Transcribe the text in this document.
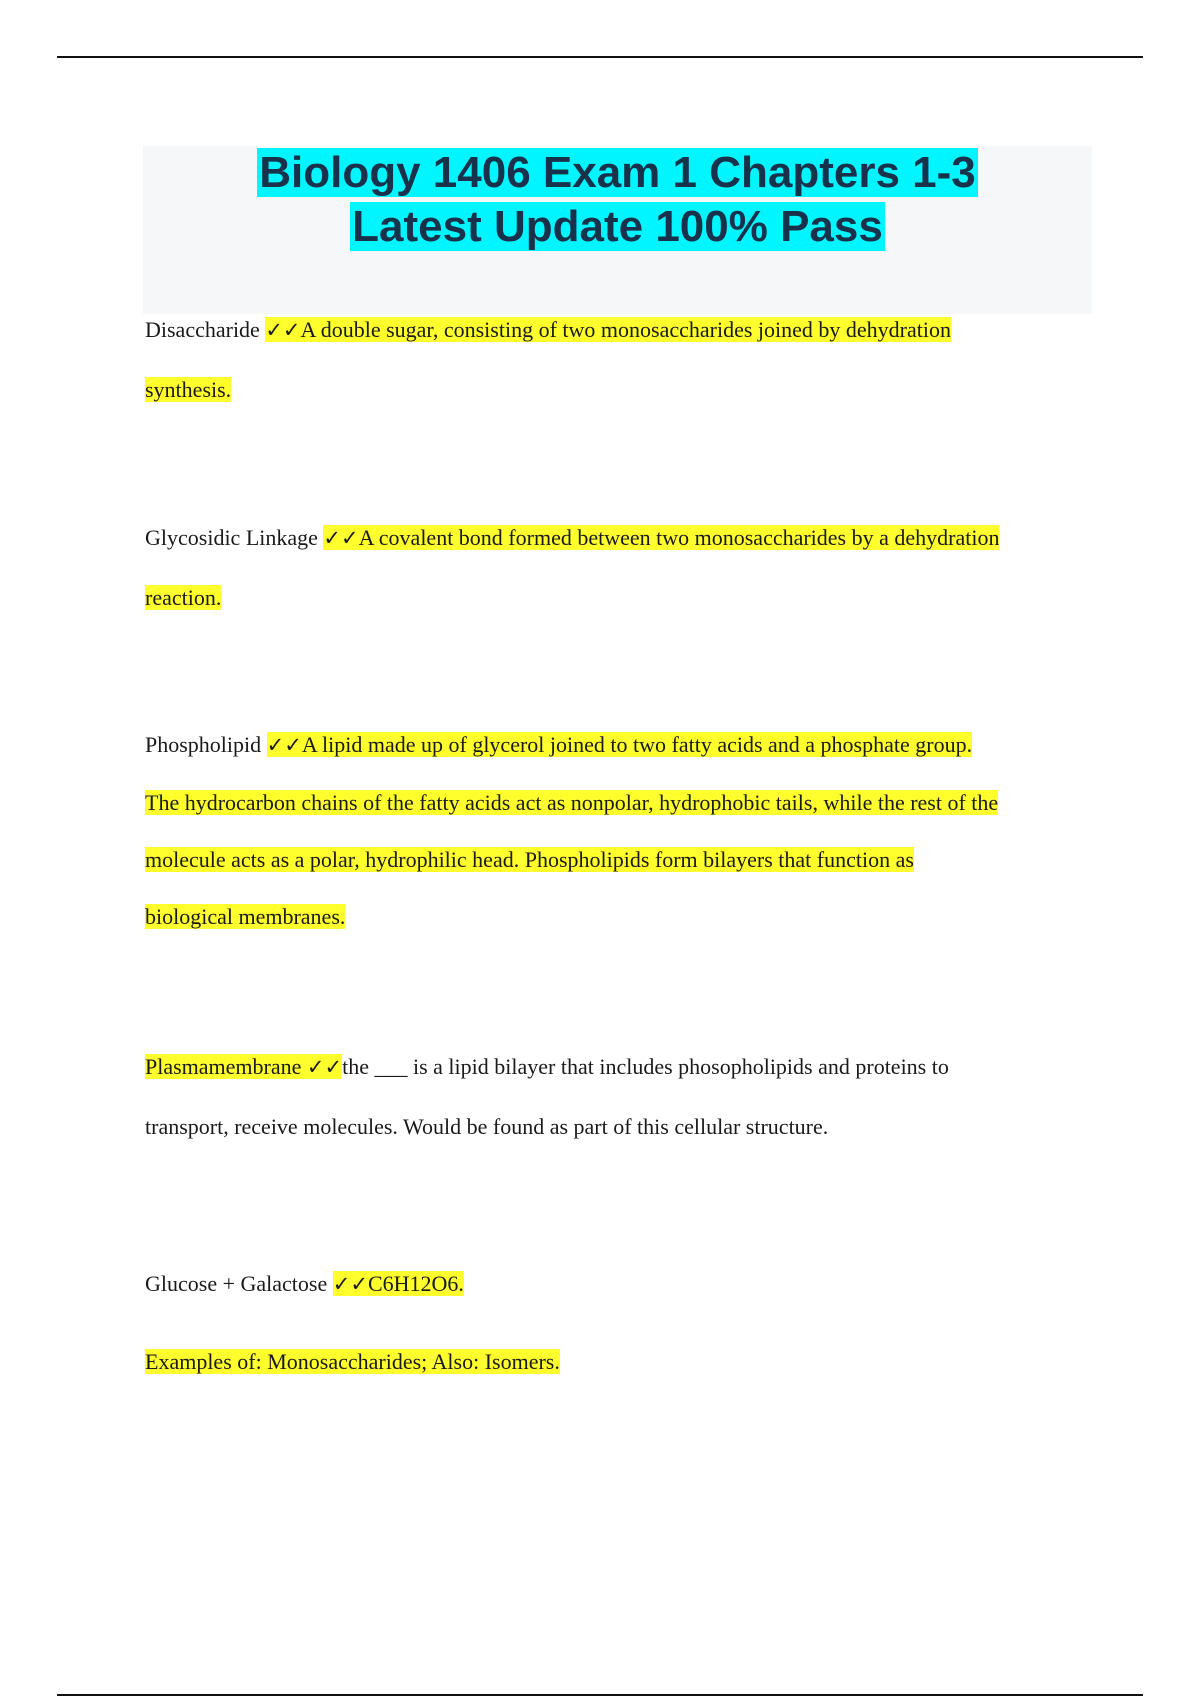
Biology 1406 Exam 1 Chapters 1-3
Latest Update 100% Pass
Disaccharide ✓✓A double sugar, consisting of two monosaccharides joined by dehydration
synthesis.
Glycosidic Linkage ✓✓A covalent bond formed between two monosaccharides by a dehydration
reaction.
Phospholipid ✓✓A lipid made up of glycerol joined to two fatty acids and a phosphate group.
The hydrocarbon chains of the fatty acids act as nonpolar, hydrophobic tails, while the rest of the
molecule acts as a polar, hydrophilic head. Phospholipids form bilayers that function as
biological membranes.
Plasmamembrane ✓✓the ___ is a lipid bilayer that includes phosopholipids and proteins to
transport, receive molecules. Would be found as part of this cellular structure.
Glucose + Galactose ✓✓C6H12O6.
Examples of: Monosaccharides; Also: Isomers.
